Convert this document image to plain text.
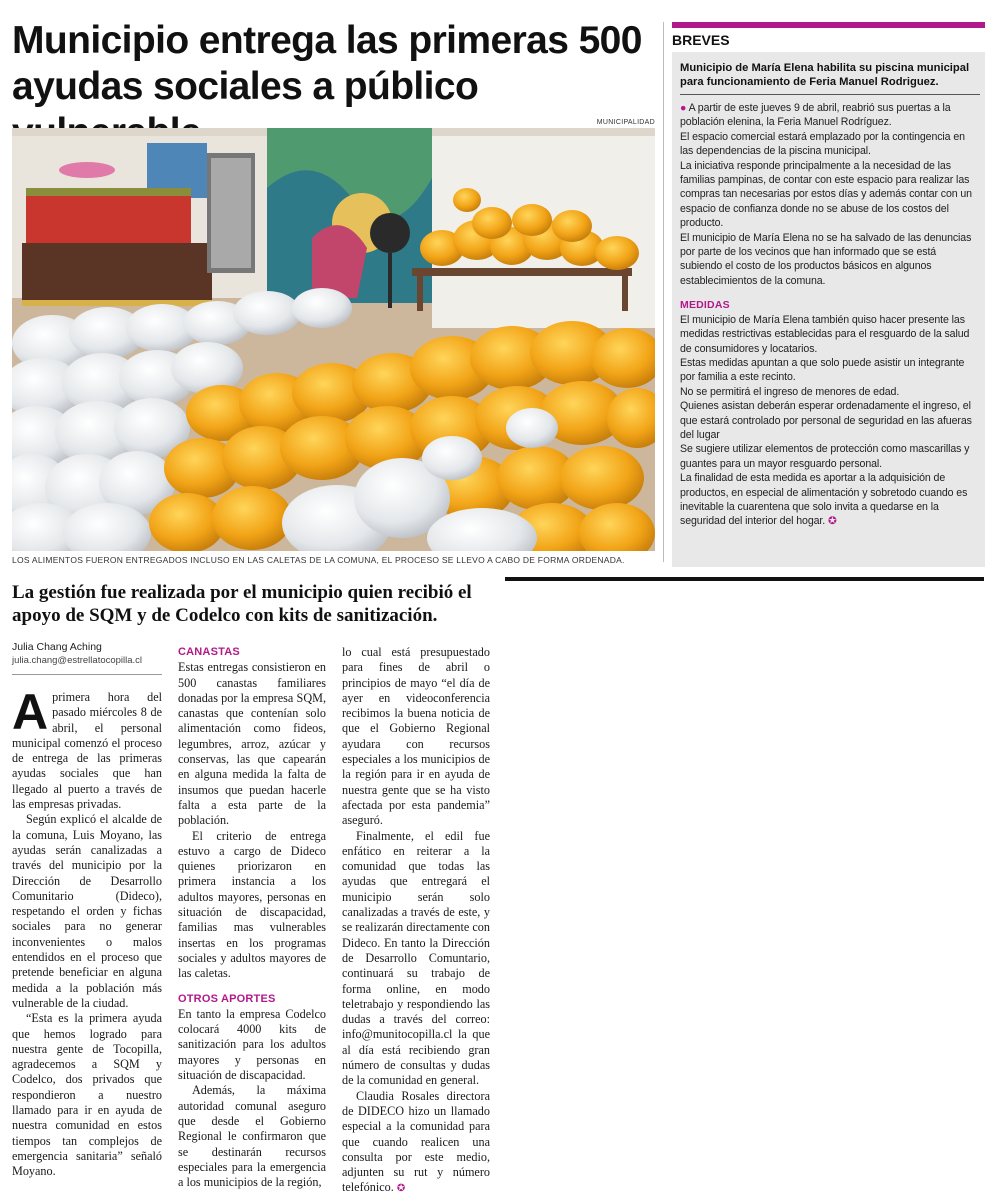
Municipio entrega las primeras 500 ayudas sociales a público
MUNICIPALIDAD
LOS ALIMENTOS FUERON ENTREGADOS INCLUSO EN LAS CALETAS DE LA COMUNA, EL PROCESO SE LLEVO A CABO DE FORMA ORDENADA.
La gestión fue realizada por el municipio quien recibió el apoyo de SQM y de Codelco con kits de sanitización.
Julia Chang Aching
julia.chang@estrellatocopilla.cl

Aprimera hora del pasado miércoles 8 de abril, el personal municipal comenzó el proceso de entrega de las primeras ayudas sociales que han llegado al puerto a través de las empresas privadas.

Según explicó el alcalde de la comuna, Luis Moyano, las ayudas serán canalizadas a través del municipio por la Dirección de Desarrollo Comunitario (Dideco), respetando el orden y fichas sociales para no generar inconvenientes o malos entendidos en el proceso que pretende beneficiar en alguna medida a la población más vulnerable de la ciudad.

“Esta es la primera ayuda que hemos logrado para nuestra gente de Tocopilla, agradecemos a SQM y Codelco, dos privados que respondieron a nuestro llamado para ir en ayuda de nuestra comunidad en estos tiempos tan complejos de emergencia sanitaria” señaló Moyano.

CANASTAS

Estas entregas consistieron en 500 canastas familiares donadas por la empresa SQM, canastas que contenían solo alimentación como fideos, legumbres, arroz, azúcar y conservas, las que capearán en alguna medida la falta de insumos que puedan hacerle falta a esta parte de la población.

El criterio de entrega estuvo a cargo de Dideco quienes priorizaron en primera instancia a los adultos mayores, personas en situación de discapacidad, familias mas vulnerables insertas en los programas sociales y adultos mayores de las caletas.

OTROS APORTES

En tanto la empresa Codelco colocará 4000 kits de sanitización para los adultos mayores y personas en situación de discapacidad.

Además, la máxima autoridad comunal aseguro que desde el Gobierno Regional le confirmaron que se destinarán recursos especiales para la emergencia a los municipios de la región,

lo cual está presupuestado para fines de abril o principios de mayo “el día de ayer en videoconferencia recibimos la buena noticia de que el Gobierno Regional ayudara con recursos especiales a los municipios de la región para ir en ayuda de nuestra gente que se ha visto afectada por esta pandemia” aseguró.

Finalmente, el edil fue enfático en reiterar a la comunidad que todas las ayudas que entregará el municipio serán solo canalizadas a través de este, y se realizarán directamente con Dideco. En tanto la Dirección de Desarrollo Comuntario, continuará su trabajo de forma online, en modo teletrabajo y respondiendo las dudas a través del correo: info@munitocopilla.cl la que al día está recibiendo gran número de consultas y dudas de la comunidad en general.

Claudia Rosales directora de DIDECO hizo un llamado especial a la comunidad para que cuando realicen una consulta por este medio, adjunten su rut y número telefónico. ✪

BREVES
Municipio de María Elena habilita su piscina municipal para funcionamiento de Feria Manuel Rodriguez.

● A partir de este jueves 9 de abril, reabrió sus puertas a la población elenina, la Feria Manuel Rodríguez.

El espacio comercial estará emplazado por la contingencia en las dependencias de la piscina municipal.

La iniciativa responde principalmente a la necesidad de las familias pampinas, de contar con este espacio para realizar las compras tan necesarias por estos días y además contar con un espacio de confianza donde no se abuse de los costos del producto.

El municipio de María Elena no se ha salvado de las denuncias por parte de los vecinos que han informado que se está subiendo el costo de los productos básicos en algunos establecimientos de la comuna.

MEDIDAS

El municipio de María Elena también quiso hacer presente las medidas restrictivas establecidas para el resguardo de la salud de consumidores y locatarios.

Estas medidas apuntan a que solo puede asistir un integrante por familia a este recinto.

No se permitirá el ingreso de menores de edad.

Quienes asistan deberán esperar ordenadamente el ingreso, el que estará controlado por personal de seguridad en las afueras del lugar

Se sugiere utilizar elementos de protección como mascarillas y guantes para un mayor resguardo personal.

La finalidad de esta medida es aportar a la adquisición de productos, en especial de alimentación y sobretodo cuando es inevitable la cuarentena que solo invita a quedarse en la seguridad del interior del hogar. ✪
